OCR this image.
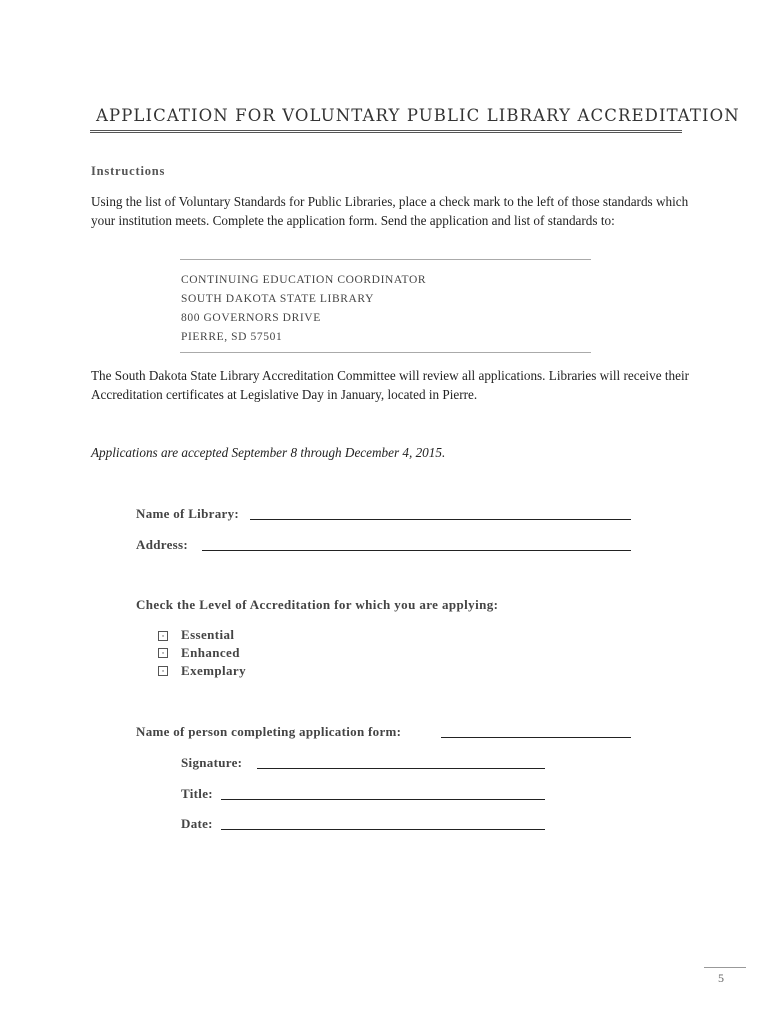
APPLICATION FOR VOLUNTARY PUBLIC LIBRARY ACCREDITATION
Instructions
Using the list of Voluntary Standards for Public Libraries, place a check mark to the left of those standards which your institution meets. Complete the application form. Send the application and list of standards to:
CONTINUING EDUCATION COORDINATOR
SOUTH DAKOTA STATE LIBRARY
800 GOVERNORS DRIVE
PIERRE, SD 57501
The South Dakota State Library Accreditation Committee will review all applications. Libraries will receive their Accreditation certificates at Legislative Day in January, located in Pierre.
Applications are accepted September 8 through December 4, 2015.
Name of Library:
Address:
Check the Level of Accreditation for which you are applying:
▫ Essential
▫ Enhanced
▫ Exemplary
Name of person completing application form:
Signature:
Title:
Date:
5
